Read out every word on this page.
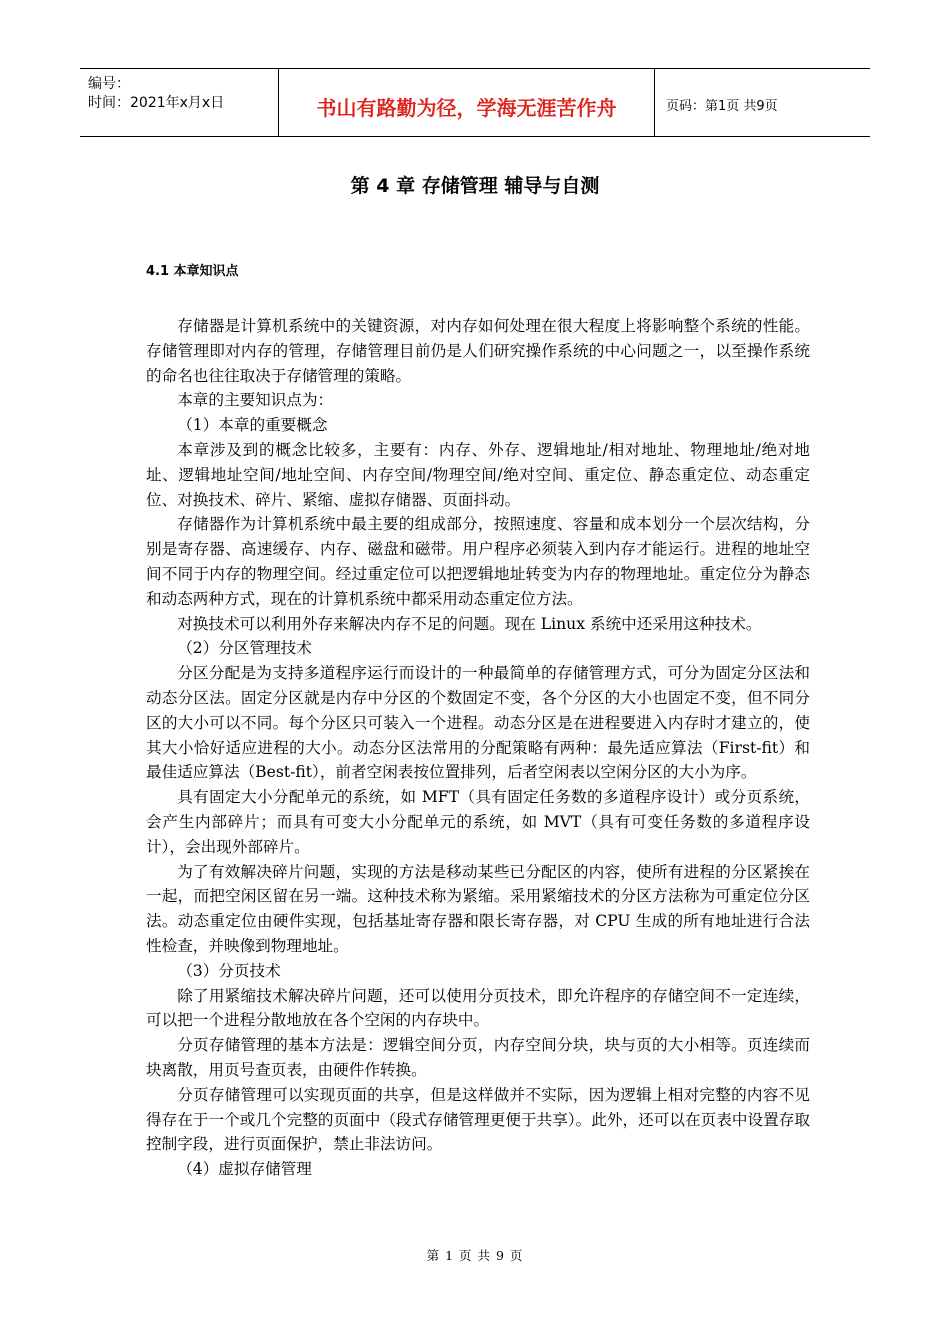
编号：
时间：2021年x月x日	书山有路勤为径，学海无涯苦作舟	页码：第1页 共9页
第 4 章 存储管理 辅导与自测
4.1 本章知识点

存储器是计算机系统中的关键资源，对内存如何处理在很大程度上将影响整个系统的性能。存储管理即对内存的管理，存储管理目前仍是人们研究操作系统的中心问题之一，以至操作系统的命名也往往取决于存储管理的策略。

本章的主要知识点为：

（1）本章的重要概念

本章涉及到的概念比较多，主要有：内存、外存、逻辑地址/相对地址、物理地址/绝对地址、逻辑地址空间/地址空间、内存空间/物理空间/绝对空间、重定位、静态重定位、动态重定位、对换技术、碎片、紧缩、虚拟存储器、页面抖动。

存储器作为计算机系统中最主要的组成部分，按照速度、容量和成本划分一个层次结构，分别是寄存器、高速缓存、内存、磁盘和磁带。用户程序必须装入到内存才能运行。进程的地址空间不同于内存的物理空间。经过重定位可以把逻辑地址转变为内存的物理地址。重定位分为静态和动态两种方式，现在的计算机系统中都采用动态重定位方法。

对换技术可以利用外存来解决内存不足的问题。现在 Linux 系统中还采用这种技术。

（2）分区管理技术

分区分配是为支持多道程序运行而设计的一种最简单的存储管理方式，可分为固定分区法和动态分区法。固定分区就是内存中分区的个数固定不变，各个分区的大小也固定不变，但不同分区的大小可以不同。每个分区只可装入一个进程。动态分区是在进程要进入内存时才建立的，使其大小恰好适应进程的大小。动态分区法常用的分配策略有两种：最先适应算法（First-fit）和最佳适应算法（Best-fit），前者空闲表按位置排列，后者空闲表以空闲分区的大小为序。

具有固定大小分配单元的系统，如 MFT（具有固定任务数的多道程序设计）或分页系统，会产生内部碎片；而具有可变大小分配单元的系统，如 MVT（具有可变任务数的多道程序设计），会出现外部碎片。

为了有效解决碎片问题，实现的方法是移动某些已分配区的内容，使所有进程的分区紧挨在一起，而把空闲区留在另一端。这种技术称为紧缩。采用紧缩技术的分区方法称为可重定位分区法。动态重定位由硬件实现，包括基址寄存器和限长寄存器，对 CPU 生成的所有地址进行合法性检查，并映像到物理地址。

（3）分页技术

除了用紧缩技术解决碎片问题，还可以使用分页技术，即允许程序的存储空间不一定连续，可以把一个进程分散地放在各个空闲的内存块中。

分页存储管理的基本方法是：逻辑空间分页，内存空间分块，块与页的大小相等。页连续而块离散，用页号查页表，由硬件作转换。

分页存储管理可以实现页面的共享，但是这样做并不实际，因为逻辑上相对完整的内容不见得存在于一个或几个完整的页面中（段式存储管理更便于共享）。此外，还可以在页表中设置存取控制字段，进行页面保护，禁止非法访问。

（4）虚拟存储管理

第 1 页 共 9 页
